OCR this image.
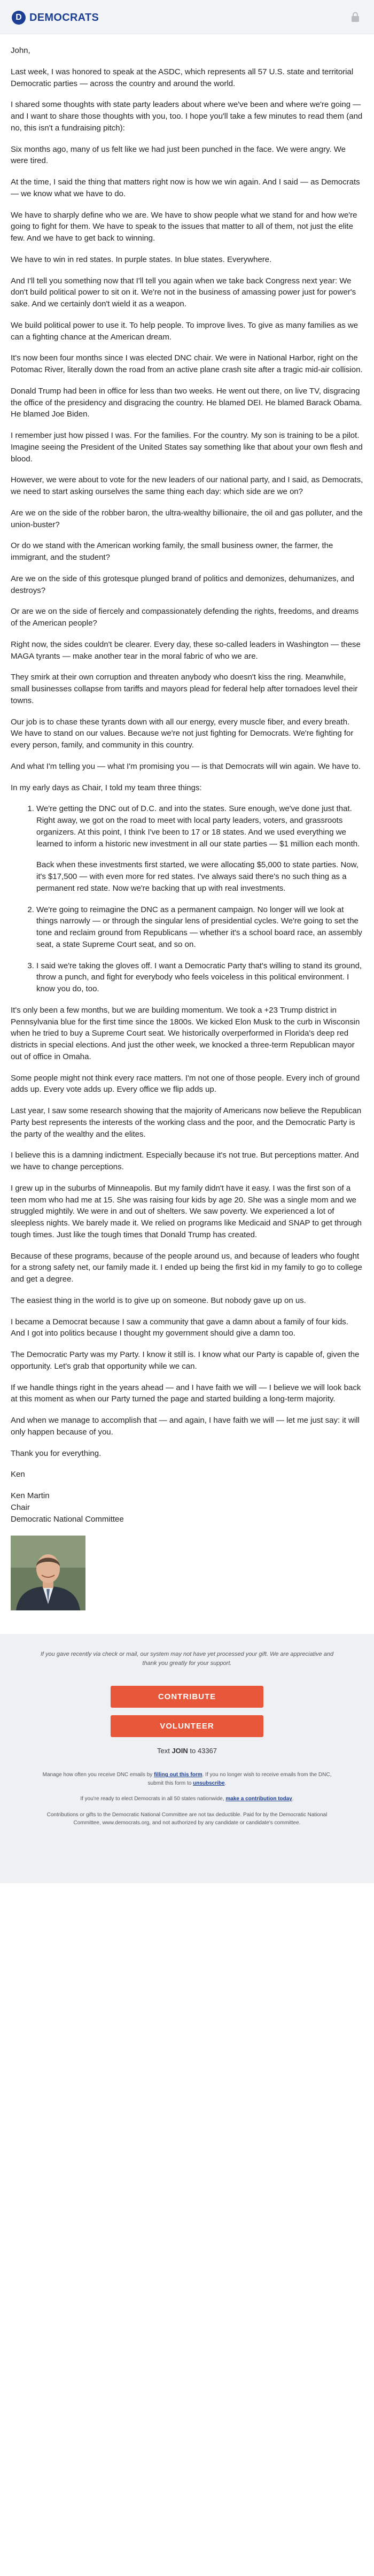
D DEMOCRATS

John,

Last week, I was honored to speak at the ASDC, which represents all 57 U.S. state and territorial Democratic parties — across the country and around the world.

I shared some thoughts with state party leaders about where we've been and where we're going — and I want to share those thoughts with you, too. I hope you'll take a few minutes to read them (and no, this isn't a fundraising pitch):

Six months ago, many of us felt like we had just been punched in the face. We were angry. We were tired.

At the time, I said the thing that matters right now is how we win again. And I said — as Democrats — we know what we have to do.

We have to sharply define who we are. We have to show people what we stand for and how we're going to fight for them. We have to speak to the issues that matter to all of them, not just the elite few. And we have to get back to winning.

We have to win in red states. In purple states. In blue states. Everywhere.

And I'll tell you something now that I'll tell you again when we take back Congress next year: We don't build political power to sit on it. We're not in the business of amassing power just for power's sake. And we certainly don't wield it as a weapon.

We build political power to use it. To help people. To improve lives. To give as many families as we can a fighting chance at the American dream.

It's now been four months since I was elected DNC chair. We were in National Harbor, right on the Potomac River, literally down the road from an active plane crash site after a tragic mid-air collision.

Donald Trump had been in office for less than two weeks. He went out there, on live TV, disgracing the office of the presidency and disgracing the country. He blamed DEI. He blamed Barack Obama. He blamed Joe Biden.

I remember just how pissed I was. For the families. For the country. My son is training to be a pilot. Imagine seeing the President of the United States say something like that about your own flesh and blood.

However, we were about to vote for the new leaders of our national party, and I said, as Democrats, we need to start asking ourselves the same thing each day: which side are we on?

Are we on the side of the robber baron, the ultra-wealthy billionaire, the oil and gas polluter, and the union-buster?

Or do we stand with the American working family, the small business owner, the farmer, the immigrant, and the student?

Are we on the side of this grotesque plunged brand of politics and demonizes, dehumanizes, and destroys?

Or are we on the side of fiercely and compassionately defending the rights, freedoms, and dreams of the American people?

Right now, the sides couldn't be clearer. Every day, these so-called leaders in Washington — these MAGA tyrants — make another tear in the moral fabric of who we are.

They smirk at their own corruption and threaten anybody who doesn't kiss the ring. Meanwhile, small businesses collapse from tariffs and mayors plead for federal help after tornadoes level their towns.

Our job is to chase these tyrants down with all our energy, every muscle fiber, and every breath. We have to stand on our values. Because we're not just fighting for Democrats. We're fighting for every person, family, and community in this country.

And what I'm telling you — what I'm promising you — is that Democrats will win again. We have to.

In my early days as Chair, I told my team three things:

1. We're getting the DNC out of D.C. and into the states. Sure enough, we've done just that. Right away, we got on the road to meet with local party leaders, voters, and grassroots organizers. At this point, I think I've been to 17 or 18 states. And we used everything we learned to inform a historic new investment in all our state parties — $1 million each month.

Back when these investments first started, we were allocating $5,000 to state parties. Now, it's $17,500 — with even more for red states. I've always said there's no such thing as a permanent red state. Now we're backing that up with real investments.

2. We're going to reimagine the DNC as a permanent campaign. No longer will we look at things narrowly — or through the singular lens of presidential cycles. We're going to set the tone and reclaim ground from Republicans — whether it's a school board race, an assembly seat, a state Supreme Court seat, and so on.

3. I said we're taking the gloves off. I want a Democratic Party that's willing to stand its ground, throw a punch, and fight for everybody who feels voiceless in this political environment. I know you do, too.

It's only been a few months, but we are building momentum. We took a +23 Trump district in Pennsylvania blue for the first time since the 1800s. We kicked Elon Musk to the curb in Wisconsin when he tried to buy a Supreme Court seat. We historically overperformed in Florida's deep red districts in special elections. And just the other week, we knocked a three-term Republican mayor out of office in Omaha.

Some people might not think every race matters. I'm not one of those people. Every inch of ground adds up. Every vote adds up. Every office we flip adds up.

Last year, I saw some research showing that the majority of Americans now believe the Republican Party best represents the interests of the working class and the poor, and the Democratic Party is the party of the wealthy and the elites.

I believe this is a damning indictment. Especially because it's not true. But perceptions matter. And we have to change perceptions.

I grew up in the suburbs of Minneapolis. But my family didn't have it easy. I was the first son of a teen mom who had me at 15. She was raising four kids by age 20. She was a single mom and we struggled mightily. We were in and out of shelters. We saw poverty. We experienced a lot of sleepless nights. We barely made it. We relied on programs like Medicaid and SNAP to get through tough times. Just like the tough times that Donald Trump has created.

Because of these programs, because of the people around us, and because of leaders who fought for a strong safety net, our family made it. I ended up being the first kid in my family to go to college and get a degree.

The easiest thing in the world is to give up on someone. But nobody gave up on us.

I became a Democrat because I saw a community that gave a damn about a family of four kids. And I got into politics because I thought my government should give a damn too.

The Democratic Party was my Party. I know it still is. I know what our Party is capable of, given the opportunity. Let's grab that opportunity while we can.

If we handle things right in the years ahead — and I have faith we will — I believe we will look back at this moment as when our Party turned the page and started building a long-term majority.

And when we manage to accomplish that — and again, I have faith we will — let me just say: it will only happen because of you.

Thank you for everything.

Ken

Ken Martin

Chair

Democratic National Committee

If you gave recently via check or mail, our system may not have yet processed your gift. We are appreciative and thank you greatly for your support.

CONTRIBUTE
VOLUNTEER

Text JOIN to 43367

Manage how often you receive DNC emails by filling out this form. If you no longer wish to receive emails from the DNC, submit this form to unsubscribe.

If you're ready to elect Democrats in all 50 states nationwide, make a contribution today.

Contributions or gifts to the Democratic National Committee are not tax deductible. Paid for by the Democratic National Committee, www.democrats.org, and not authorized by any candidate or candidate's committee.
